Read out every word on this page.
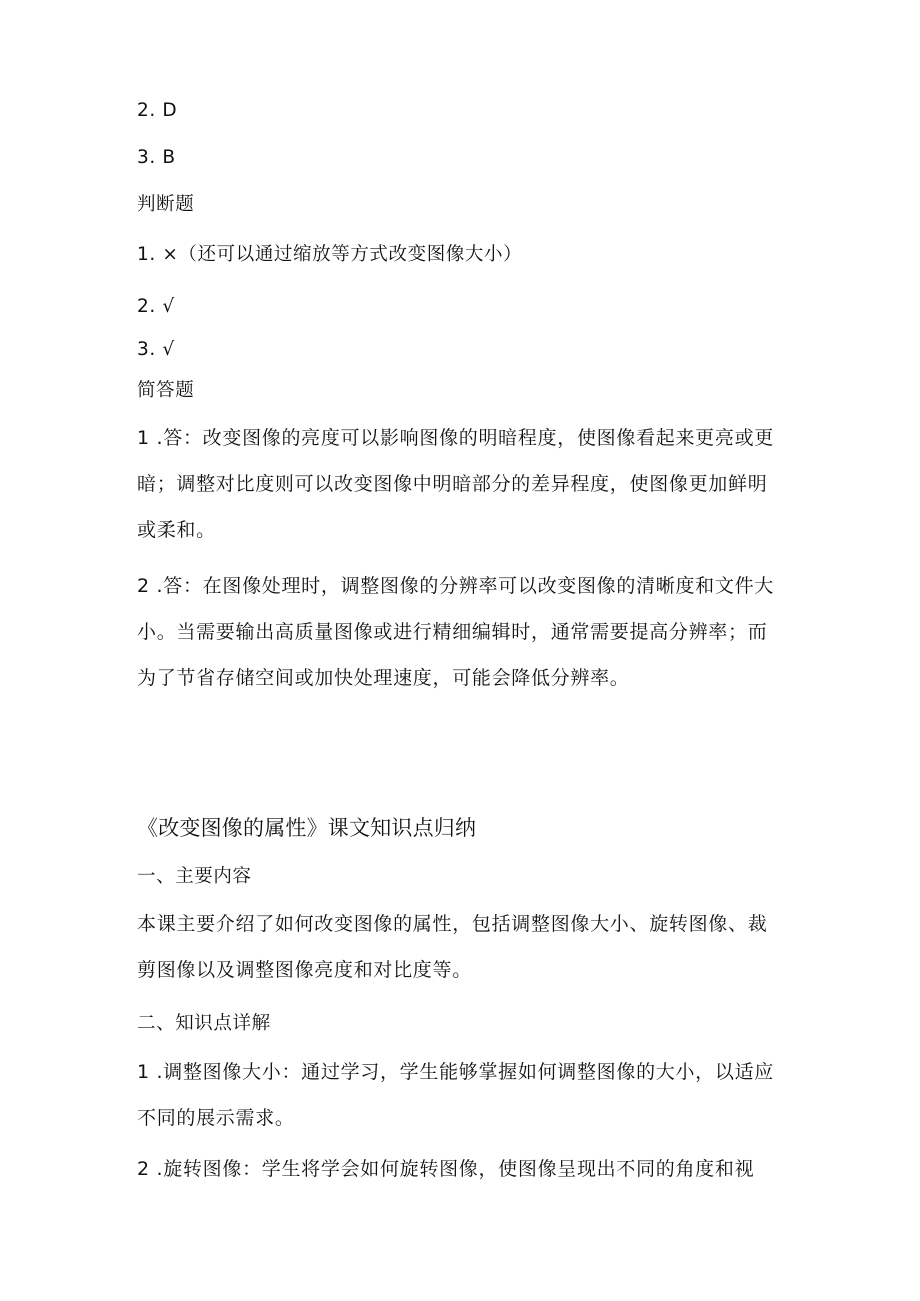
2. D
3. B
判断题
1. ×（还可以通过缩放等方式改变图像大小）
2. √
3. √
简答题
1 .答：改变图像的亮度可以影响图像的明暗程度，使图像看起来更亮或更暗；调整对比度则可以改变图像中明暗部分的差异程度，使图像更加鲜明或柔和。
2 .答：在图像处理时，调整图像的分辨率可以改变图像的清晰度和文件大小。当需要输出高质量图像或进行精细编辑时，通常需要提高分辨率；而为了节省存储空间或加快处理速度，可能会降低分辨率。
《改变图像的属性》课文知识点归纳
一、主要内容
本课主要介绍了如何改变图像的属性，包括调整图像大小、旋转图像、裁剪图像以及调整图像亮度和对比度等。
二、知识点详解
1 .调整图像大小：通过学习，学生能够掌握如何调整图像的大小，以适应不同的展示需求。
2 .旋转图像：学生将学会如何旋转图像，使图像呈现出不同的角度和视
